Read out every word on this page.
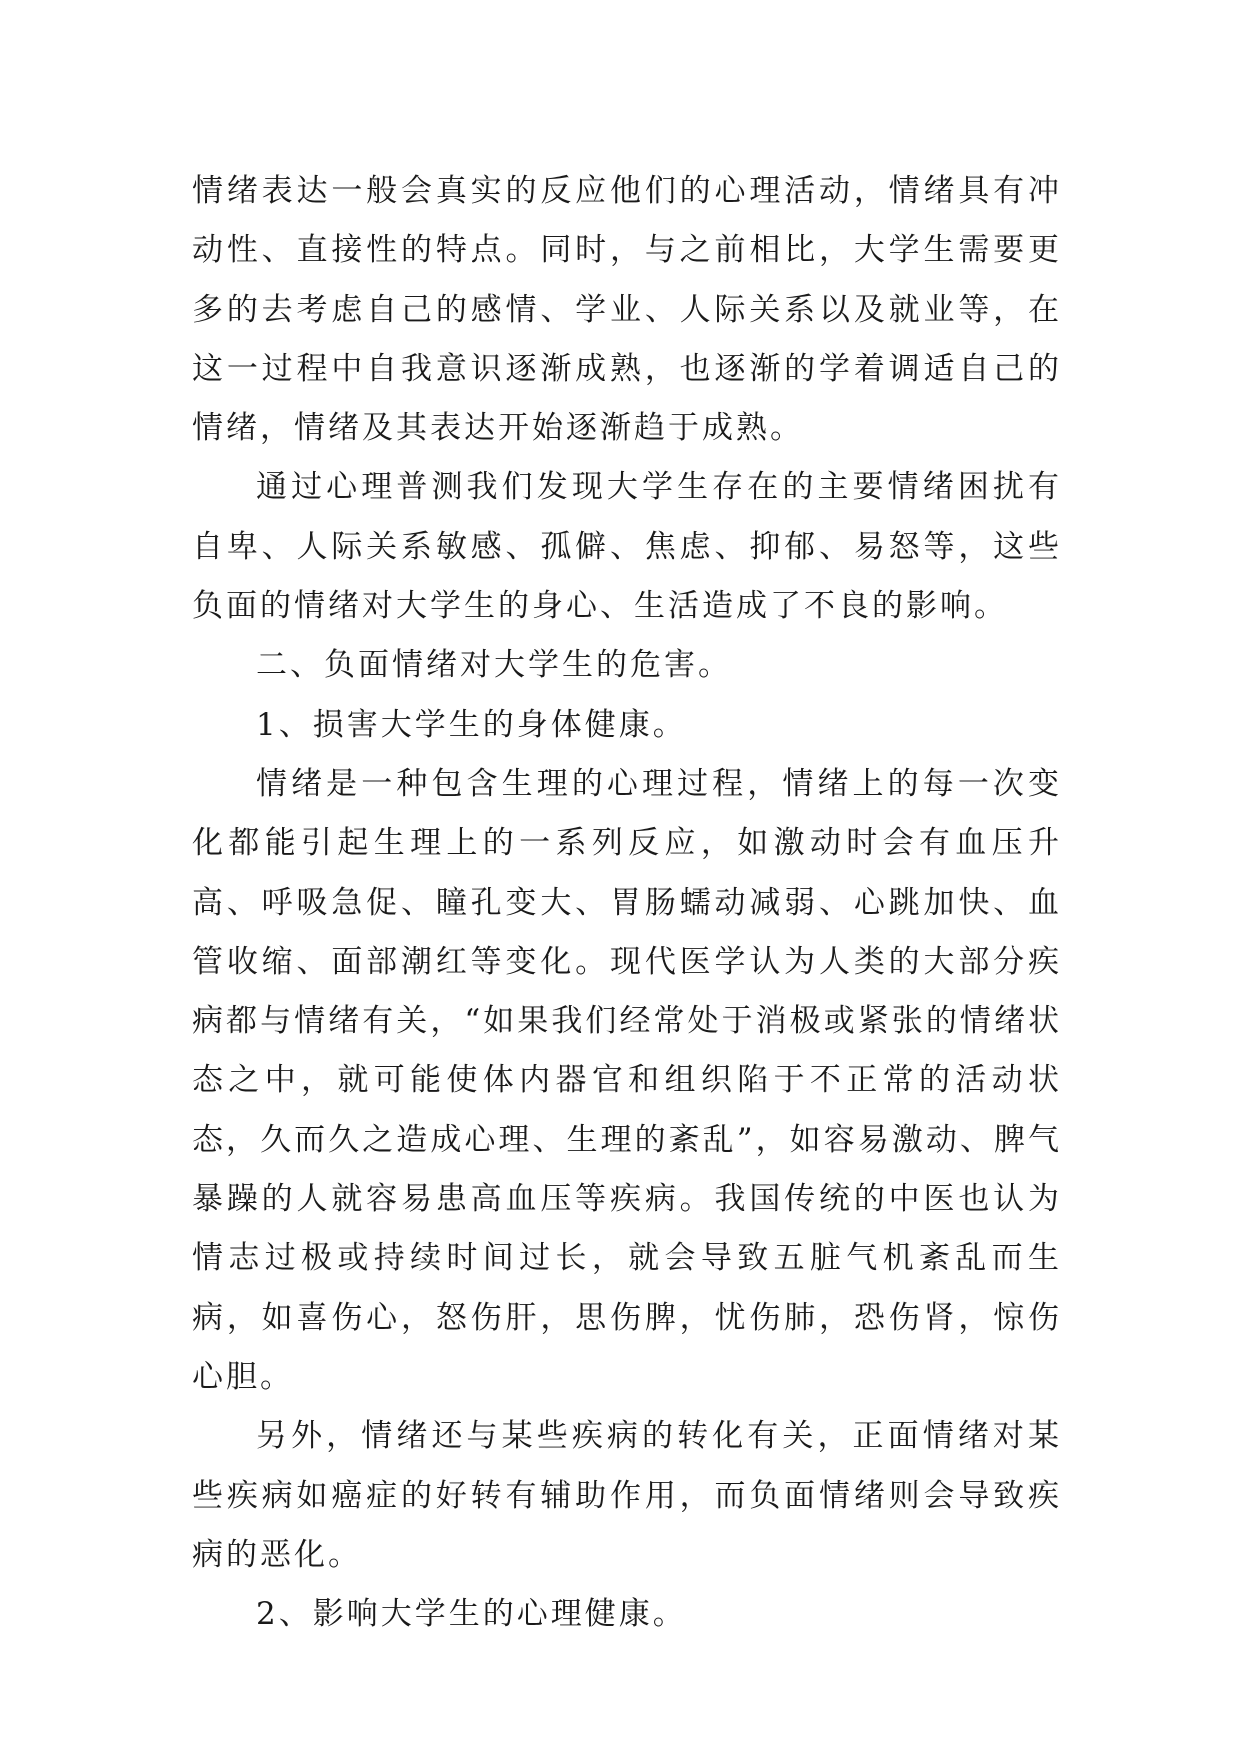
情绪表达一般会真实的反应他们的心理活动，情绪具有冲动性、直接性的特点。同时，与之前相比，大学生需要更多的去考虑自己的感情、学业、人际关系以及就业等，在这一过程中自我意识逐渐成熟，也逐渐的学着调适自己的情绪，情绪及其表达开始逐渐趋于成熟。

通过心理普测我们发现大学生存在的主要情绪困扰有自卑、人际关系敏感、孤僻、焦虑、抑郁、易怒等，这些负面的情绪对大学生的身心、生活造成了不良的影响。

二、负面情绪对大学生的危害。

1、损害大学生的身体健康。

情绪是一种包含生理的心理过程，情绪上的每一次变化都能引起生理上的一系列反应，如激动时会有血压升高、呼吸急促、瞳孔变大、胃肠蠕动减弱、心跳加快、血管收缩、面部潮红等变化。现代医学认为人类的大部分疾病都与情绪有关，“如果我们经常处于消极或紧张的情绪状态之中，就可能使体内器官和组织陷于不正常的活动状态，久而久之造成心理、生理的紊乱”，如容易激动、脾气暴躁的人就容易患高血压等疾病。我国传统的中医也认为情志过极或持续时间过长，就会导致五脏气机紊乱而生病，如喜伤心，怒伤肝，思伤脾，忧伤肺，恐伤肾，惊伤心胆。

另外，情绪还与某些疾病的转化有关，正面情绪对某些疾病如癌症的好转有辅助作用，而负面情绪则会导致疾病的恶化。

2、影响大学生的心理健康。
